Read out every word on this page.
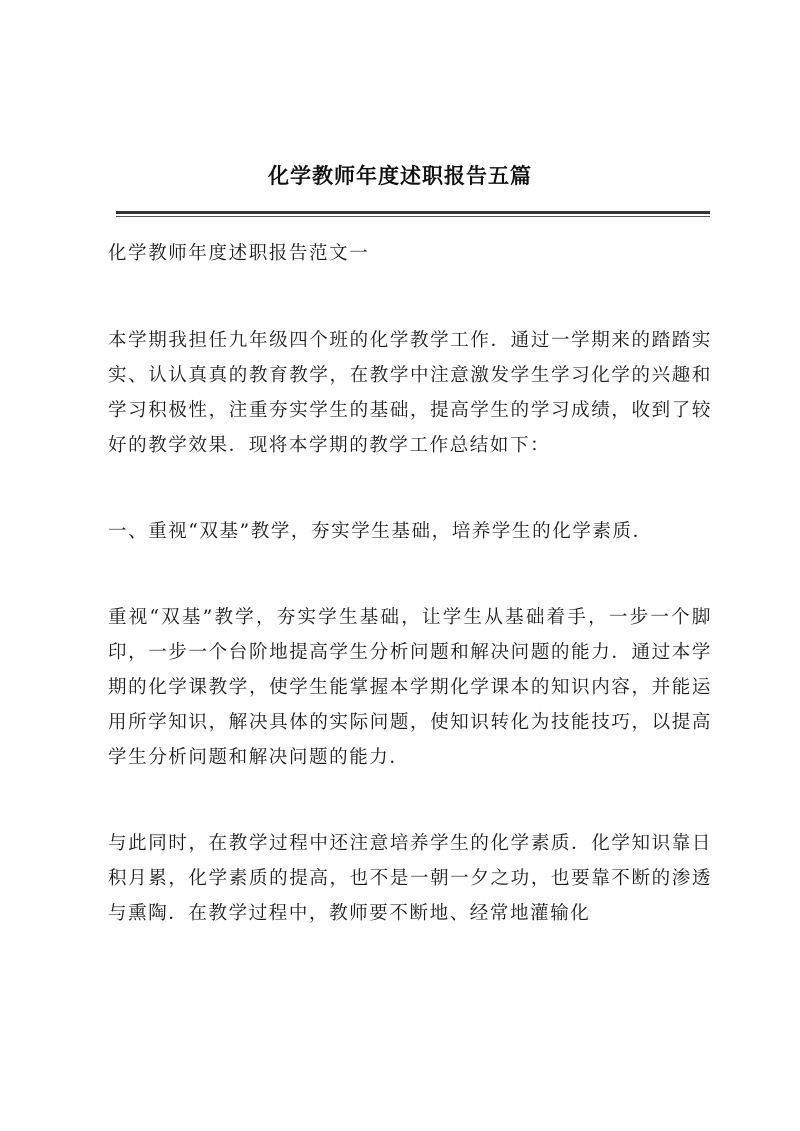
化学教师年度述职报告五篇

化学教师年度述职报告范文一

本学期我担任九年级四个班的化学教学工作．通过一学期来的踏踏实实、认认真真的教育教学，在教学中注意激发学生学习化学的兴趣和学习积极性，注重夯实学生的基础，提高学生的学习成绩，收到了较好的教学效果．现将本学期的教学工作总结如下：

一、重视“双基”教学，夯实学生基础，培养学生的化学素质．

重视“双基”教学，夯实学生基础，让学生从基础着手，一步一个脚印，一步一个台阶地提高学生分析问题和解决问题的能力．通过本学期的化学课教学，使学生能掌握本学期化学课本的知识内容，并能运用所学知识，解决具体的实际问题，使知识转化为技能技巧，以提高学生分析问题和解决问题的能力．

与此同时，在教学过程中还注意培养学生的化学素质．化学知识靠日积月累，化学素质的提高，也不是一朝一夕之功，也要靠不断的渗透与熏陶．在教学过程中，教师要不断地、经常地灌输化
